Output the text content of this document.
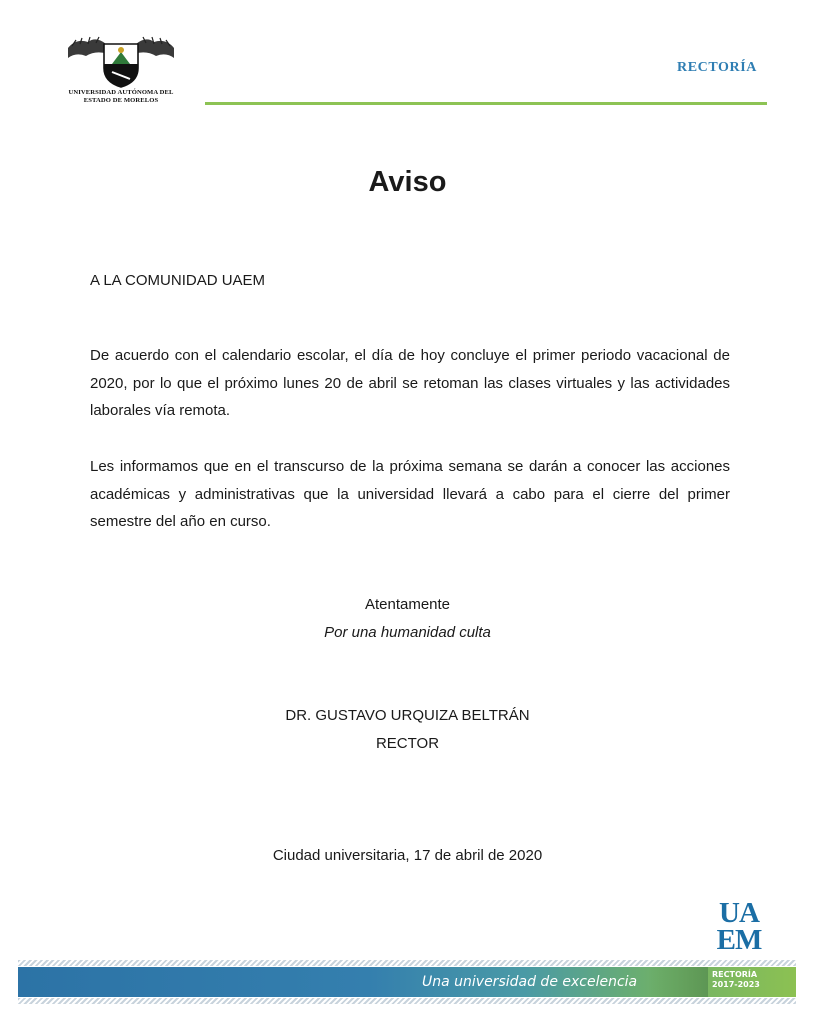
UNIVERSIDAD AUTÓNOMA DEL
ESTADO DE MORELOS
RECTORÍA
Aviso
A LA COMUNIDAD UAEM
De acuerdo con el calendario escolar, el día de hoy concluye el primer periodo vacacional de 2020, por lo que el próximo lunes 20 de abril se retoman las clases virtuales y las actividades laborales vía remota.
Les informamos que en el transcurso de la próxima semana se darán a conocer las acciones académicas y administrativas que la universidad llevará a cabo para el cierre del primer semestre del año en curso.
Atentamente
Por una humanidad culta
DR. GUSTAVO URQUIZA BELTRÁN
RECTOR
Ciudad universitaria, 17 de abril de 2020
UA
EM
Una universidad de excelencia	RECTORÍA
2017-2023
